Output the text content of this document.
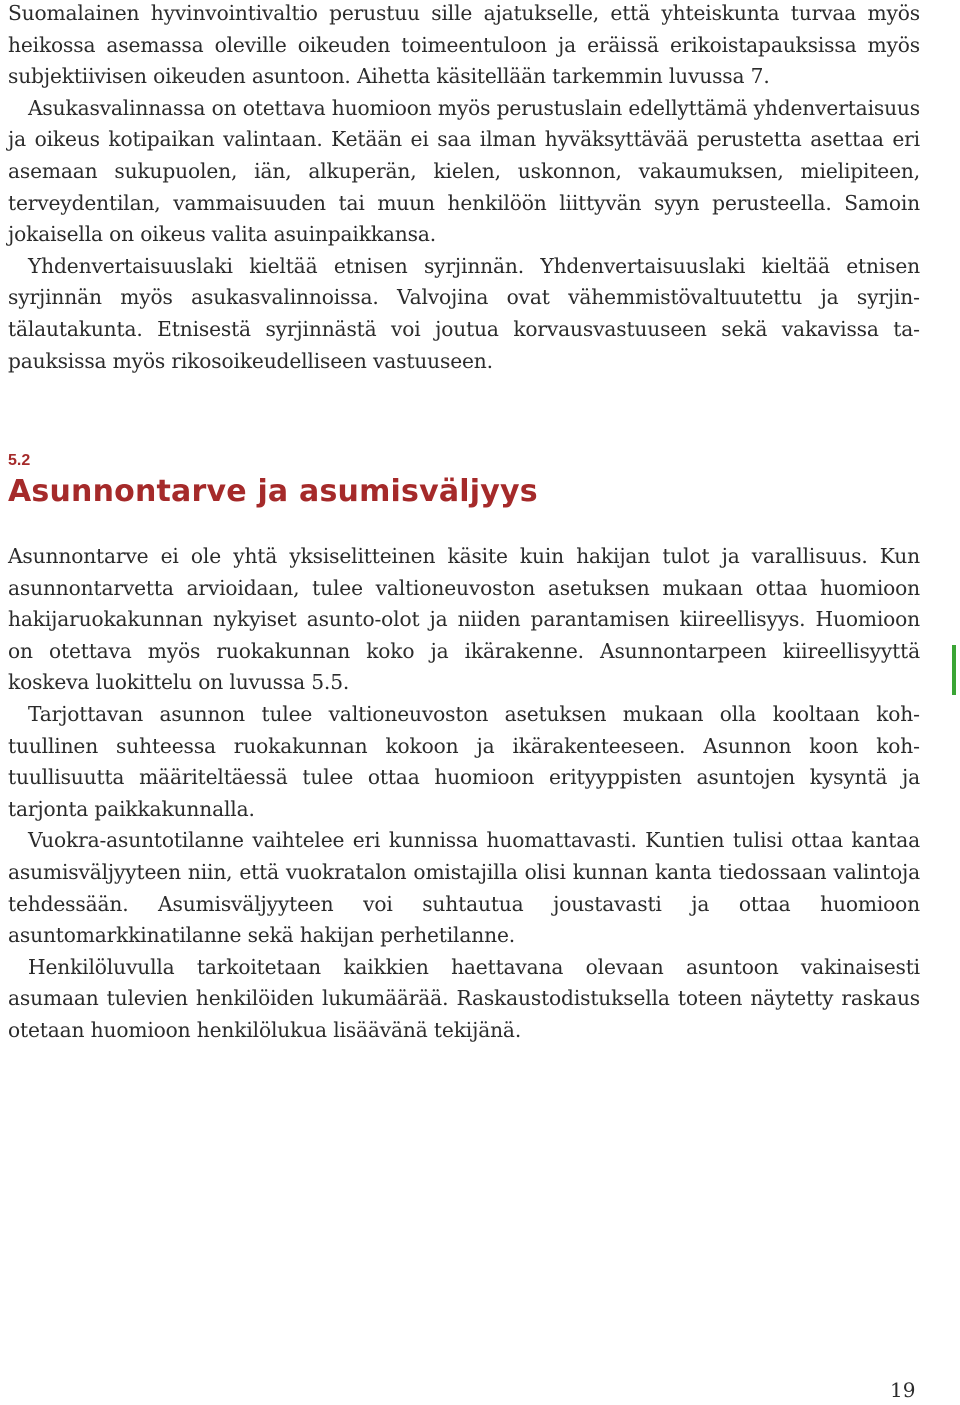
Suomalainen hyvinvointivaltio perustuu sille ajatukselle, että yhteiskunta turvaa myös heikossa asemassa oleville oikeuden toimeentuloon ja eräissä erikoistapauksissa myös subjektiivisen oikeuden asuntoon. Aihetta käsitellään tarkemmin luvussa 7.

Asukasvalinnassa on otettava huomioon myös perustuslain edellyttämä yhdenvertaisuus ja oikeus kotipaikan valintaan. Ketään ei saa ilman hyväksyttävää perustetta asettaa eri asemaan sukupuolen, iän, alkuperän, kielen, uskonnon, vakaumuksen, mielipiteen, terveydentilan, vammaisuuden tai muun henkilöön liittyvän syyn perusteella. Samoin jokaisella on oikeus valita asuinpaikkansa.

Yhdenvertaisuuslaki kieltää etnisen syrjinnän. Yhdenvertaisuuslaki kieltää etnisen syrjinnän myös asukasvalinnoissa. Valvojina ovat vähemmistövaltuutettu ja syrjintälautakunta. Etnisestä syrjinnästä voi joutua korvausvastuuseen sekä vakavissa tapauksissa myös rikosoikeudelliseen vastuuseen.

5.2
Asunnontarve ja asumisväljyys

Asunnontarve ei ole yhtä yksiselitteinen käsite kuin hakijan tulot ja varallisuus. Kun asunnontarvetta arvioidaan, tulee valtioneuvoston asetuksen mukaan ottaa huomioon hakijaruokakunnan nykyiset asunto-olot ja niiden parantamisen kiireellisyys. Huomioon on otettava myös ruokakunnan koko ja ikärakenne. Asunnontarpeen kiireellisyyttä koskeva luokittelu on luvussa 5.5.

Tarjottavan asunnon tulee valtioneuvoston asetuksen mukaan olla kooltaan kohtuullinen suhteessa ruokakunnan kokoon ja ikärakenteeseen. Asunnon koon kohtuullisuutta määriteltäessä tulee ottaa huomioon erityyppisten asuntojen kysyntä ja tarjonta paikkakunnalla.

Vuokra-asuntotilanne vaihtelee eri kunnissa huomattavasti. Kuntien tulisi ottaa kantaa asumisväljyyteen niin, että vuokratalon omistajilla olisi kunnan kanta tiedossaan valintoja tehdessään. Asumisväljyyteen voi suhtautua joustavasti ja ottaa huomioon asuntomarkkinatilanne sekä hakijan perhetilanne.

Henkilöluvulla tarkoitetaan kaikkien haettavana olevaan asuntoon vakinaisesti asumaan tulevien henkilöiden lukumäärää. Raskaustodistuksella toteen näytetty raskaus otetaan huomioon henkilölukua lisäävänä tekijänä.

19
